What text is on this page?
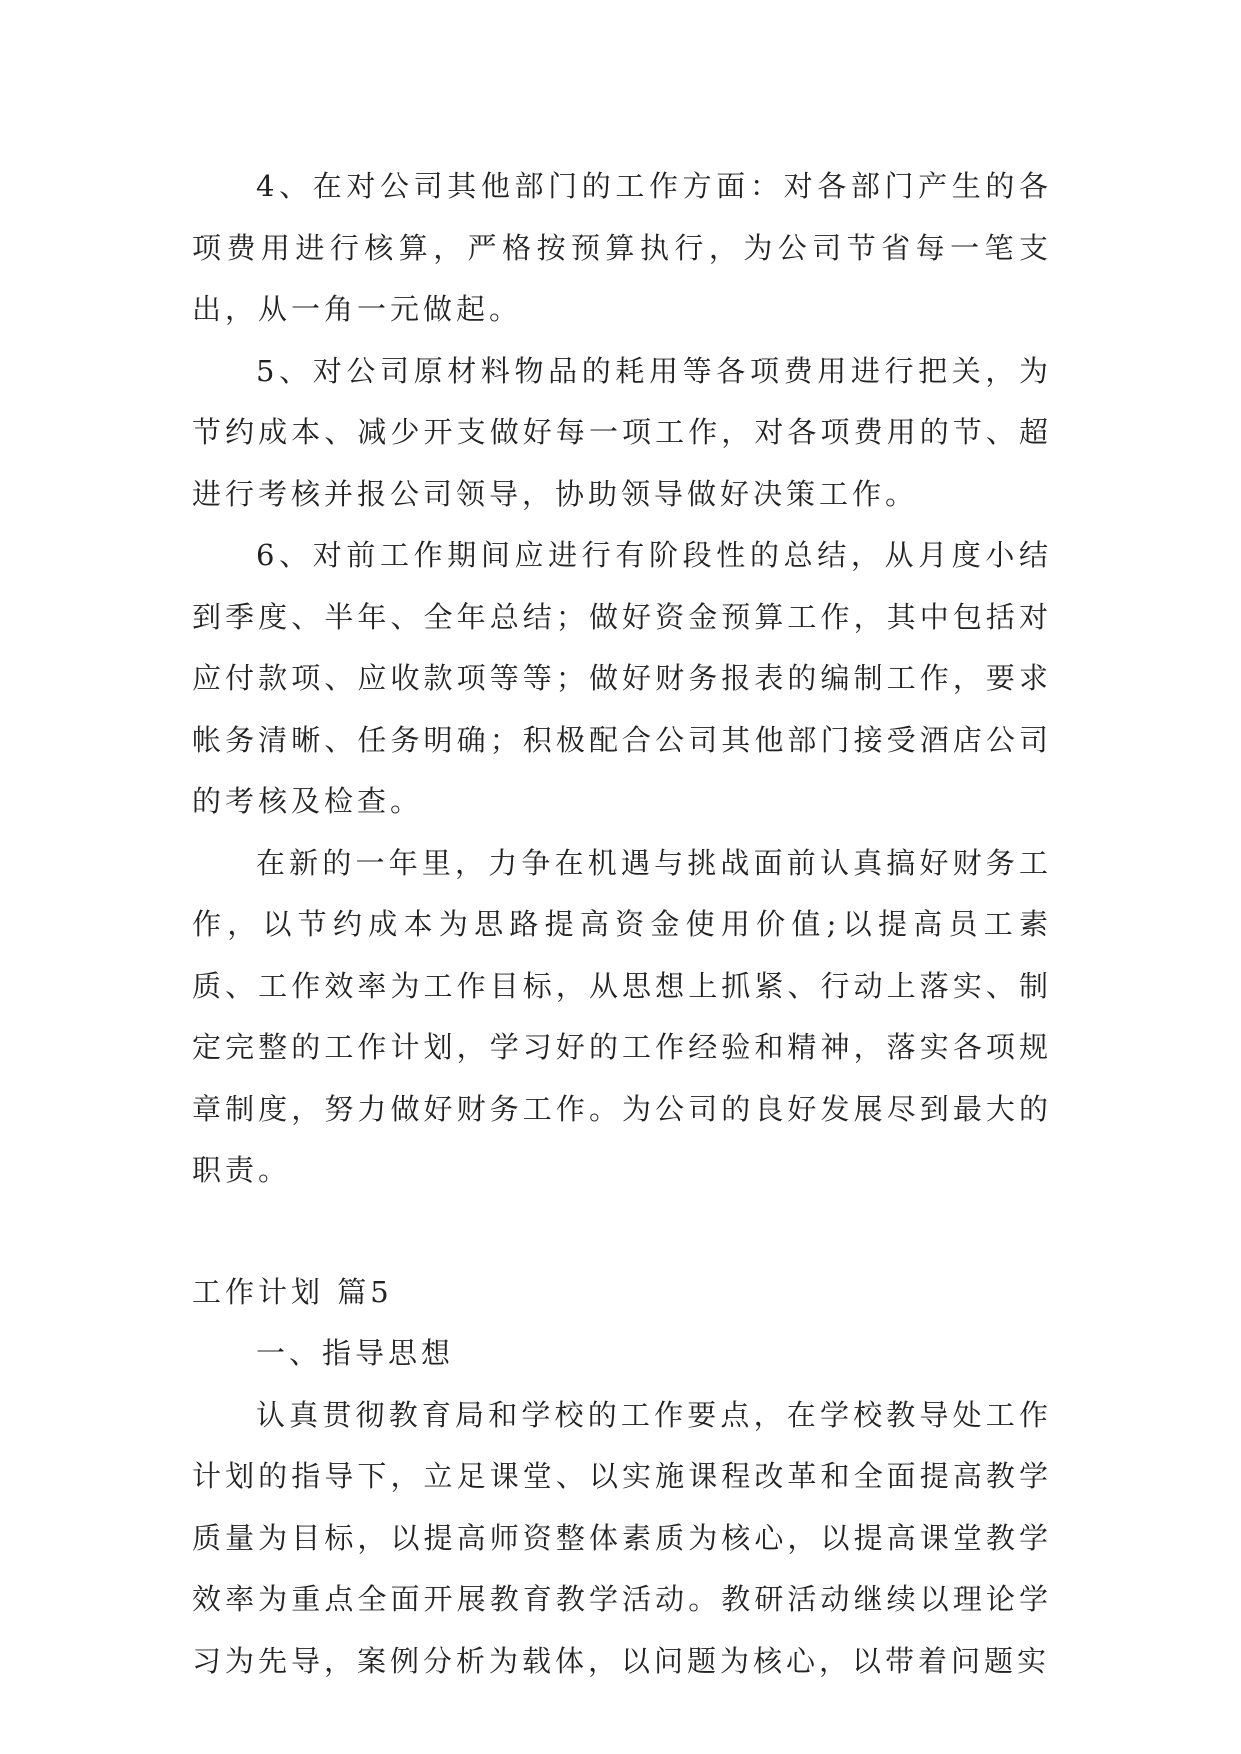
4、在对公司其他部门的工作方面：对各部门产生的各项费用进行核算，严格按预算执行，为公司节省每一笔支出，从一角一元做起。

5、对公司原材料物品的耗用等各项费用进行把关，为节约成本、减少开支做好每一项工作，对各项费用的节、超进行考核并报公司领导，协助领导做好决策工作。

6、对前工作期间应进行有阶段性的总结，从月度小结到季度、半年、全年总结；做好资金预算工作，其中包括对应付款项、应收款项等等；做好财务报表的编制工作，要求帐务清晰、任务明确；积极配合公司其他部门接受酒店公司的考核及检查。

在新的一年里，力争在机遇与挑战面前认真搞好财务工作，以节约成本为思路提高资金使用价值;以提高员工素质、工作效率为工作目标，从思想上抓紧、行动上落实、制定完整的工作计划，学习好的工作经验和精神，落实各项规章制度，努力做好财务工作。为公司的良好发展尽到最大的职责。

工作计划 篇5

一、指导思想

认真贯彻教育局和学校的工作要点，在学校教导处工作计划的指导下，立足课堂、以实施课程改革和全面提高教学质量为目标，以提高师资整体素质为核心，以提高课堂教学效率为重点全面开展教育教学活动。教研活动继续以理论学习为先导，案例分析为载体，以问题为核心，以带着问题实
